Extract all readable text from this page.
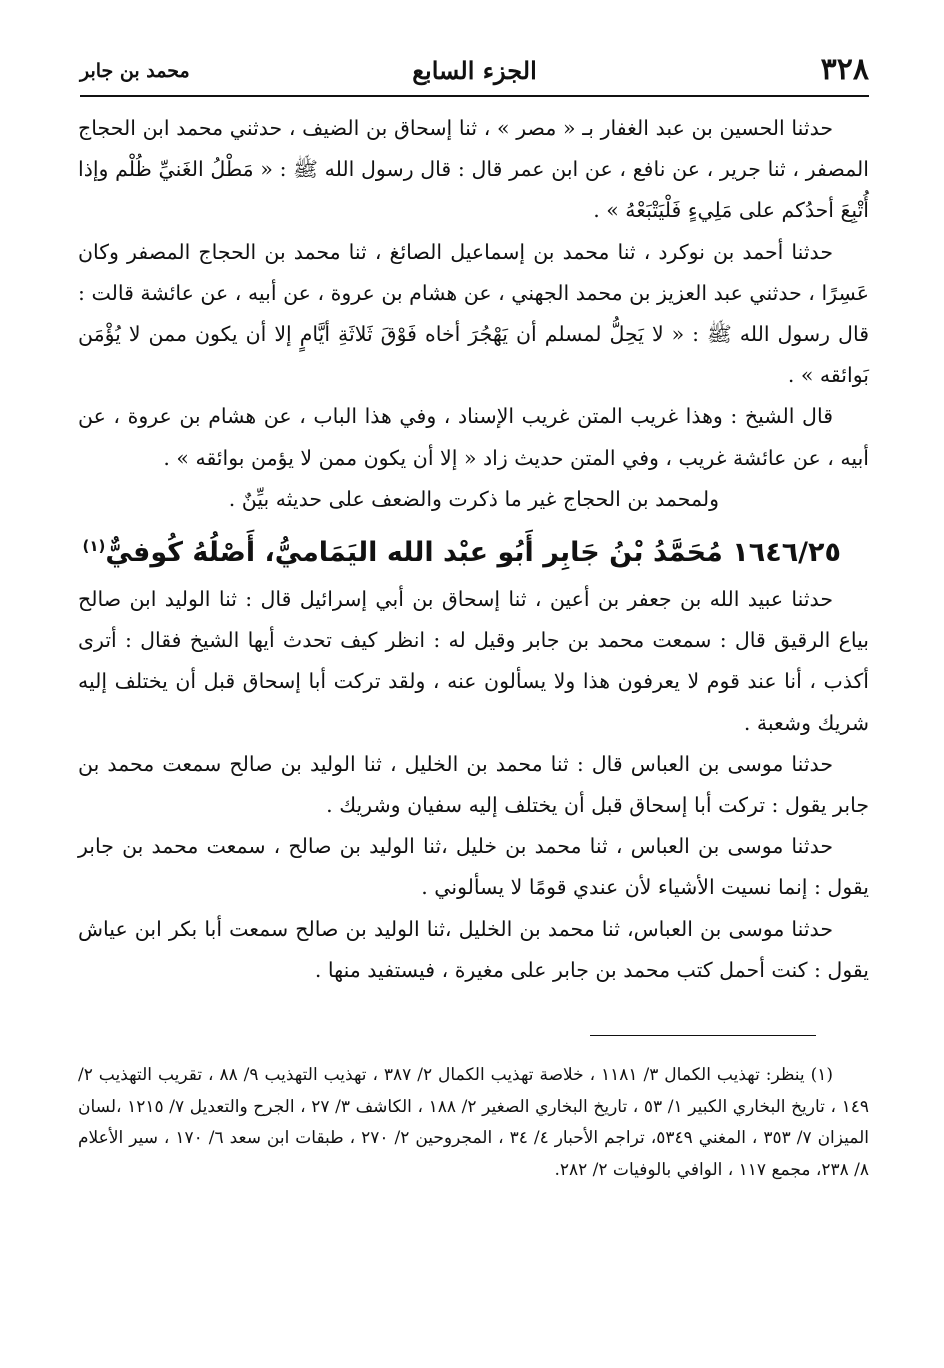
٣٢٨
الجزء السابع
محمد بن جابر

حدثنا الحسين بن عبد الغفار بـ « مصر » ، ثنا إسحاق بن الضيف ، حدثني محمد ابن الحجاج المصفر ، ثنا جرير ، عن نافع ، عن ابن عمر قال : قال رسول الله ﷺ : « مَطْلُ الغَنيِّ ظُلْم وإذا أُتْبِعَ أحدُكم على مَلِيءٍ فَلْيَتْبَعْهُ » .

حدثنا أحمد بن نوكرد ، ثنا محمد بن إسماعيل الصائغ ، ثنا محمد بن الحجاج المصفر وكان عَسِرًا ، حدثني عبد العزيز بن محمد الجهني ، عن هشام بن عروة ، عن أبيه ، عن عائشة قالت : قال رسول الله ﷺ : « لا يَحِلُّ لمسلم أن يَهْجُرَ أخاه فَوْقَ ثَلاثَةِ أيَّامٍ إلا أن يكون ممن لا يُؤْمَن بَوائقه » .

قال الشيخ : وهذا غريب المتن غريب الإسناد ، وفي هذا الباب ، عن هشام بن عروة ، عن أبيه ، عن عائشة غريب ، وفي المتن حديث زاد « إلا أن يكون ممن لا يؤمن بوائقه » .

ولمحمد بن الحجاج غير ما ذكرت والضعف على حديثه بيِّنٌ .

١٦٤٦/٢٥ مُحَمَّدُ بْنُ جَابِر أَبُو عبْد الله اليَمَاميُّ، أَصْلُهُ كُوفيٌّ$^{(١)}$

حدثنا عبيد الله بن جعفر بن أعين ، ثنا إسحاق بن أبي إسرائيل قال : ثنا الوليد ابن صالح بياع الرقيق قال : سمعت محمد بن جابر وقيل له : انظر كيف تحدث أيها الشيخ فقال : أترى أكذب ، أنا عند قوم لا يعرفون هذا ولا يسألون عنه ، ولقد تركت أبا إسحاق قبل أن يختلف إليه شريك وشعبة .

حدثنا موسى بن العباس قال : ثنا محمد بن الخليل ، ثنا الوليد بن صالح سمعت محمد بن جابر يقول : تركت أبا إسحاق قبل أن يختلف إليه سفيان وشريك .

حدثنا موسى بن العباس ، ثنا محمد بن خليل ،ثنا الوليد بن صالح ، سمعت محمد بن جابر يقول : إنما نسيت الأشياء لأن عندي قومًا لا يسألوني .

حدثنا موسى بن العباس، ثنا محمد بن الخليل ،ثنا الوليد بن صالح سمعت أبا بكر ابن عياش يقول : كنت أحمل كتب محمد بن جابر على مغيرة ، فيستفيد منها .

(١) ينظر: تهذيب الكمال ٣/ ١١٨١ ، خلاصة تهذيب الكمال ٢/ ٣٨٧ ، تهذيب التهذيب ٩/ ٨٨ ، تقريب التهذيب ٢/ ١٤٩ ، تاريخ البخاري الكبير ١/ ٥٣ ، تاريخ البخاري الصغير ٢/ ١٨٨ ، الكاشف ٣/ ٢٧ ، الجرح والتعديل ٧/ ١٢١٥ ،لسان الميزان ٧/ ٣٥٣ ، المغني ٥٣٤٩، تراجم الأحبار ٤/ ٣٤ ، المجروحين ٢/ ٢٧٠ ، طبقات ابن سعد ٦/ ١٧٠ ، سير الأعلام ٨/ ٢٣٨، مجمع ١١٧ ، الوافي بالوفيات ٢/ ٢٨٢.
